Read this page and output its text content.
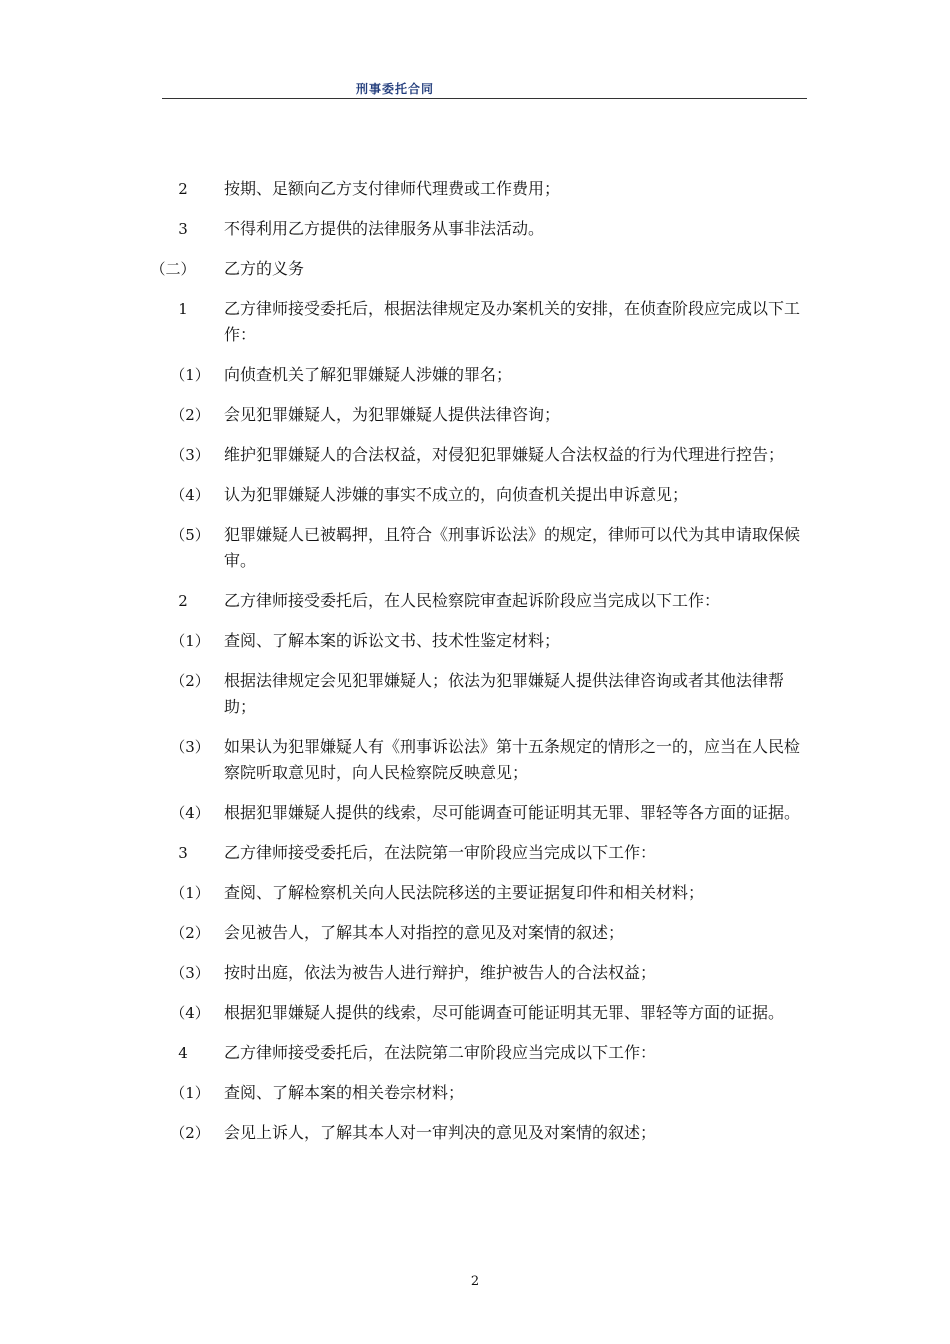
刑事委托合同
2	按期、足额向乙方支付律师代理费或工作费用；
3	不得利用乙方提供的法律服务从事非法活动。
（二）	乙方的义务
1	乙方律师接受委托后，根据法律规定及办案机关的安排，在侦查阶段应完成以下工作：
（1） 向侦查机关了解犯罪嫌疑人涉嫌的罪名；
（2） 会见犯罪嫌疑人，为犯罪嫌疑人提供法律咨询；
（3） 维护犯罪嫌疑人的合法权益，对侵犯犯罪嫌疑人合法权益的行为代理进行控告；
（4） 认为犯罪嫌疑人涉嫌的事实不成立的，向侦查机关提出申诉意见；
（5） 犯罪嫌疑人已被羁押，且符合《刑事诉讼法》的规定，律师可以代为其申请取保候审。
2	乙方律师接受委托后，在人民检察院审查起诉阶段应当完成以下工作：
（1） 查阅、了解本案的诉讼文书、技术性鉴定材料；
（2） 根据法律规定会见犯罪嫌疑人；依法为犯罪嫌疑人提供法律咨询或者其他法律帮助；
（3） 如果认为犯罪嫌疑人有《刑事诉讼法》第十五条规定的情形之一的，应当在人民检察院听取意见时，向人民检察院反映意见；
（4） 根据犯罪嫌疑人提供的线索，尽可能调查可能证明其无罪、罪轻等各方面的证据。
3	乙方律师接受委托后，在法院第一审阶段应当完成以下工作：
（1） 查阅、了解检察机关向人民法院移送的主要证据复印件和相关材料；
（2） 会见被告人，了解其本人对指控的意见及对案情的叙述；
（3） 按时出庭，依法为被告人进行辩护，维护被告人的合法权益；
（4） 根据犯罪嫌疑人提供的线索，尽可能调查可能证明其无罪、罪轻等方面的证据。
4	乙方律师接受委托后，在法院第二审阶段应当完成以下工作：
（1） 查阅、了解本案的相关卷宗材料；
（2） 会见上诉人，了解其本人对一审判决的意见及对案情的叙述；
2
